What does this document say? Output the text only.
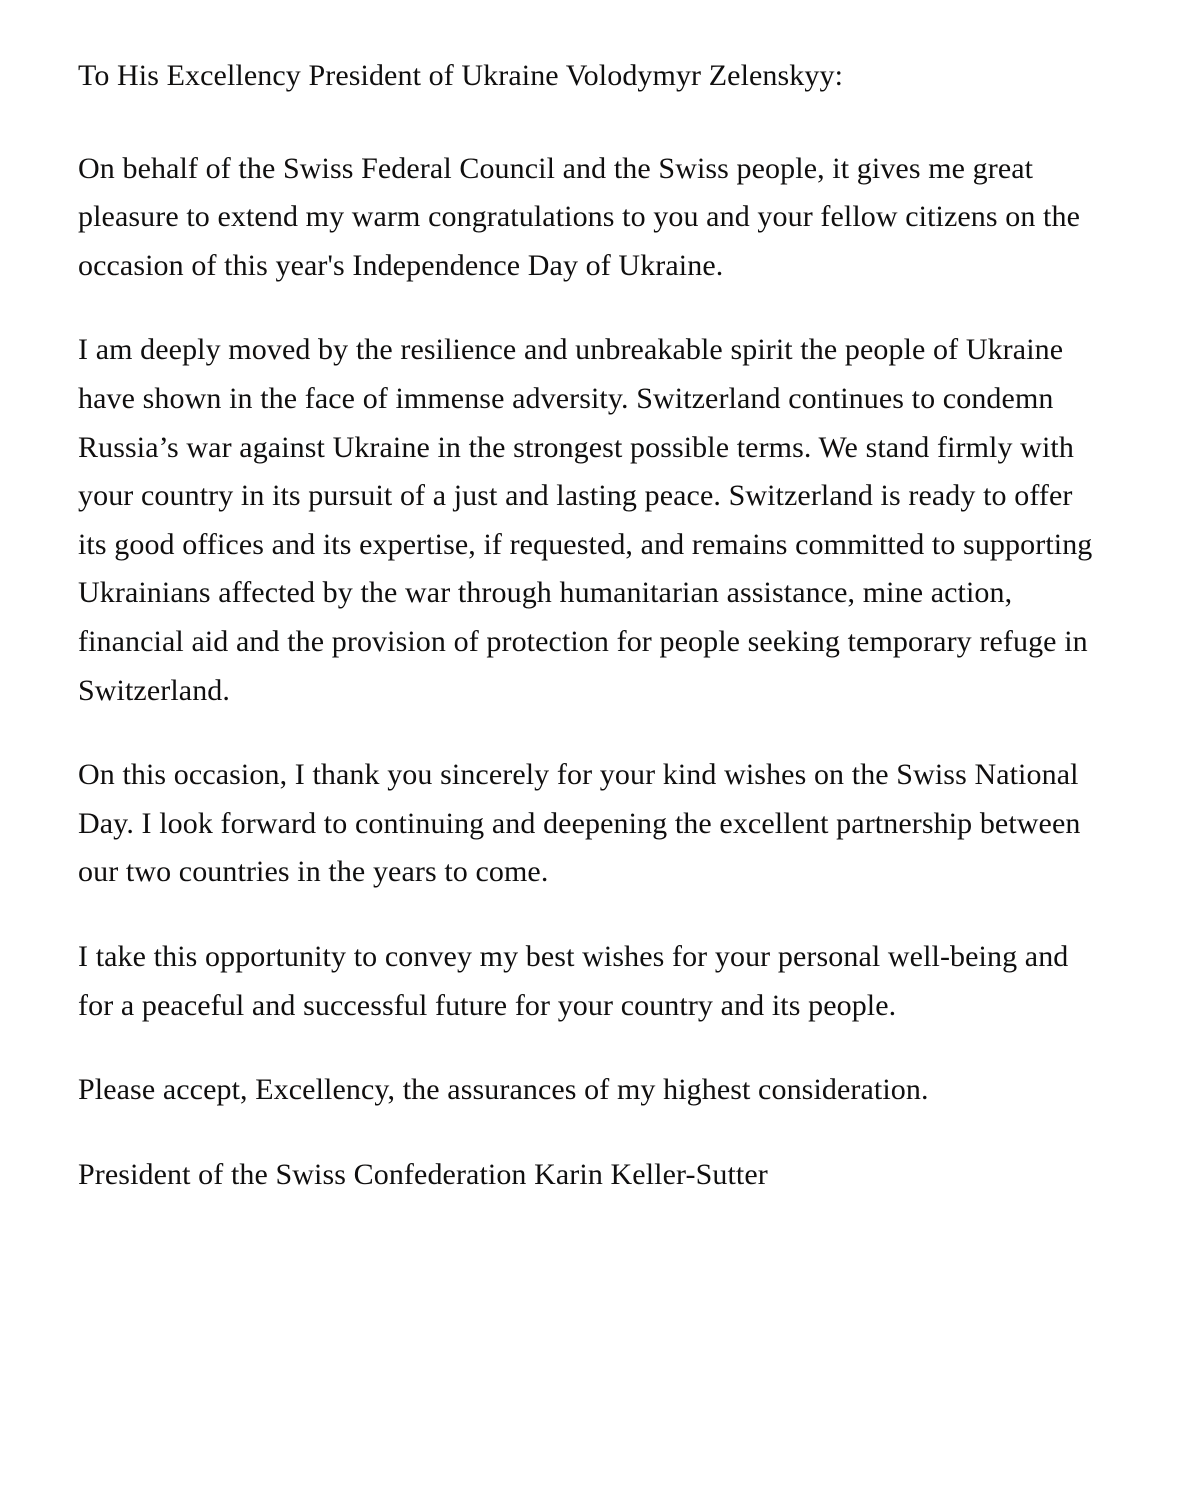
To His Excellency President of Ukraine Volodymyr Zelenskyy:

On behalf of the Swiss Federal Council and the Swiss people, it gives me great pleasure to extend my warm congratulations to you and your fellow citizens on the occasion of this year's Independence Day of Ukraine.

I am deeply moved by the resilience and unbreakable spirit the people of Ukraine have shown in the face of immense adversity. Switzerland continues to condemn Russia’s war against Ukraine in the strongest possible terms. We stand firmly with your country in its pursuit of a just and lasting peace. Switzerland is ready to offer its good offices and its expertise, if requested, and remains committed to supporting Ukrainians affected by the war through humanitarian assistance, mine action, financial aid and the provision of protection for people seeking temporary refuge in Switzerland.

On this occasion, I thank you sincerely for your kind wishes on the Swiss National Day. I look forward to continuing and deepening the excellent partnership between our two countries in the years to come.

I take this opportunity to convey my best wishes for your personal well-being and for a peaceful and successful future for your country and its people.

Please accept, Excellency, the assurances of my highest consideration.

President of the Swiss Confederation Karin Keller-Sutter
